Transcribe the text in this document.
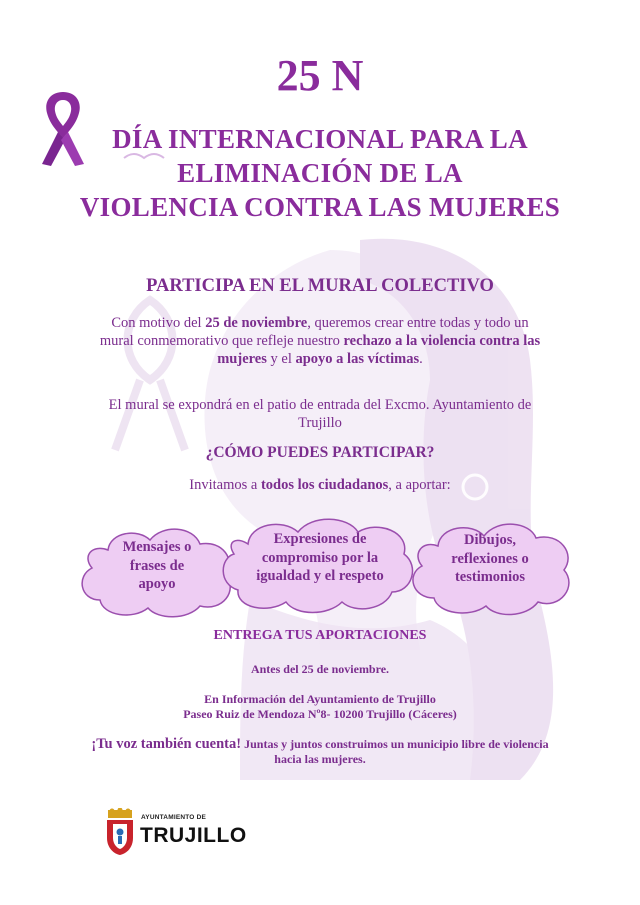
25 N
DÍA INTERNACIONAL PARA LA
ELIMINACIÓN DE LA
VIOLENCIA CONTRA LAS MUJERES
PARTICIPA EN EL MURAL COLECTIVO
Con motivo del 25 de noviembre, queremos crear entre todas y todo un mural conmemorativo que refleje nuestro rechazo a la violencia contra las mujeres y el apoyo a las víctimas.
El mural se expondrá en el patio de entrada del Excmo. Ayuntamiento de Trujillo
¿CÓMO PUEDES PARTICIPAR?
Invitamos a todos los ciudadanos, a aportar:
Mensajes o
frases de
apoyo
Expresiones de
compromiso por la
igualdad y el respeto
Dibujos,
reflexiones o
testimonios
ENTREGA TUS APORTACIONES
Antes del 25 de noviembre.
En Información del Ayuntamiento de Trujillo
Paseo Ruiz de Mendoza Nº8- 10200 Trujillo (Cáceres)
¡Tu voz también cuenta! Juntas y juntos construimos un municipio libre de violencia hacia las mujeres.
AYUNTAMIENTO DE
TRUJILLO
